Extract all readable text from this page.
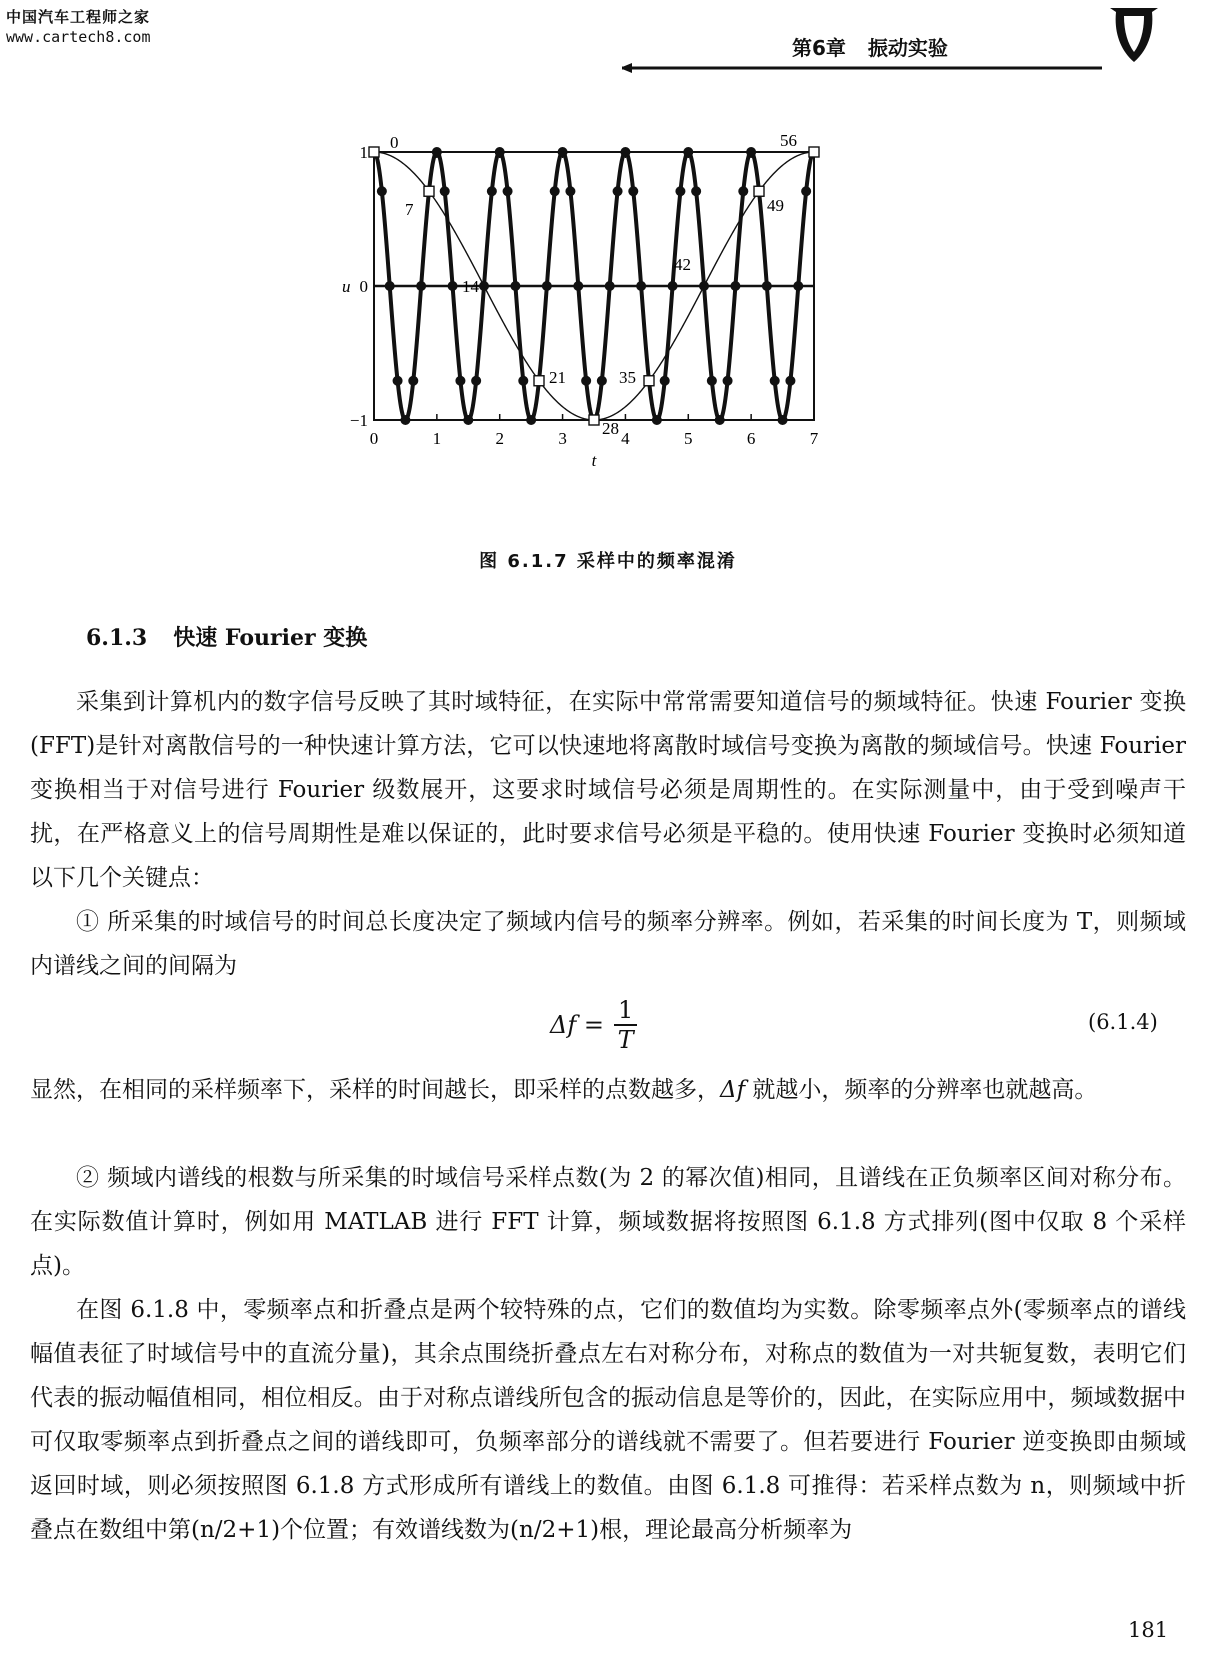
中国汽车工程师之家
www.cartech8.com	第6章 振动实验
0	1	2	3	4	5	6	7
1
0
−1
t
u
0
7
14
21
28
35
42
49
56
图 6.1.7 采样中的频率混淆
6.1.3 快速 Fourier 变换

采集到计算机内的数字信号反映了其时域特征，在实际中常常需要知道信号的频域特征。快速 Fourier 变换(FFT)是针对离散信号的一种快速计算方法，它可以快速地将离散时域信号变换为离散的频域信号。快速 Fourier 变换相当于对信号进行 Fourier 级数展开，这要求时域信号必须是周期性的。在实际测量中，由于受到噪声干扰，在严格意义上的信号周期性是难以保证的，此时要求信号必须是平稳的。使用快速 Fourier 变换时必须知道以下几个关键点：

① 所采集的时域信号的时间总长度决定了频域内信号的频率分辨率。例如，若采集的时间长度为 T，则频域内谱线之间的间隔为

$\Delta f = \frac{1}{T}$	(6.1.4)

显然，在相同的采样频率下，采样的时间越长，即采样的点数越多，Δf 就越小，频率的分辨率也就越高。

② 频域内谱线的根数与所采集的时域信号采样点数(为 2 的幂次值)相同，且谱线在正负频率区间对称分布。在实际数值计算时，例如用 MATLAB 进行 FFT 计算，频域数据将按照图 6.1.8 方式排列(图中仅取 8 个采样点)。

在图 6.1.8 中，零频率点和折叠点是两个较特殊的点，它们的数值均为实数。除零频率点外(零频率点的谱线幅值表征了时域信号中的直流分量)，其余点围绕折叠点左右对称分布，对称点的数值为一对共轭复数，表明它们代表的振动幅值相同，相位相反。由于对称点谱线所包含的振动信息是等价的，因此，在实际应用中，频域数据中可仅取零频率点到折叠点之间的谱线即可，负频率部分的谱线就不需要了。但若要进行 Fourier 逆变换即由频域返回时域，则必须按照图 6.1.8 方式形成所有谱线上的数值。由图 6.1.8 可推得：若采样点数为 n，则频域中折叠点在数组中第(n/2+1)个位置；有效谱线数为(n/2+1)根，理论最高分析频率为

181
